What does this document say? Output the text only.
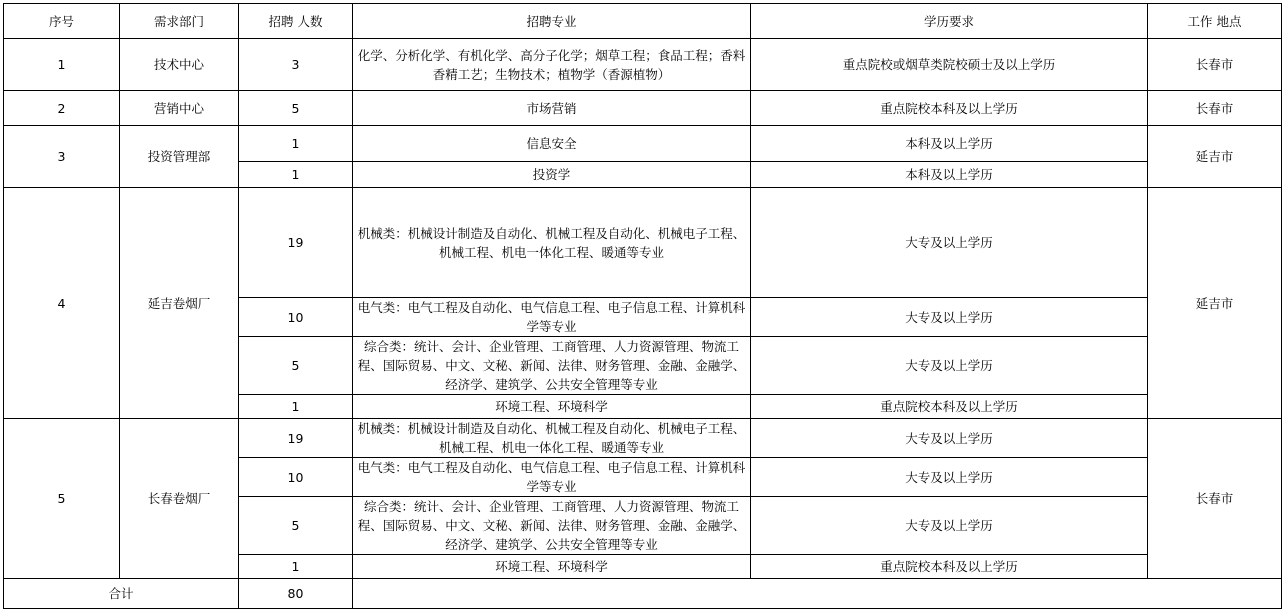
序号	需求部门	招聘 人数	招聘专业	学历要求	工作 地点
1	技术中心	3	化学、分析化学、有机化学、高分子化学；烟草工程；食品工程；香料香精工艺；生物技术；植物学（香源植物）	重点院校或烟草类院校硕士及以上学历	长春市
2	营销中心	5	市场营销	重点院校本科及以上学历	长春市
3	投资管理部	1	信息安全	本科及以上学历	延吉市
		1	投资学	本科及以上学历	
4	延吉卷烟厂	19	机械类：机械设计制造及自动化、机械工程及自动化、机械电子工程、机械工程、机电一体化工程、暖通等专业	大专及以上学历	延吉市
		10	电气类：电气工程及自动化、电气信息工程、电子信息工程、计算机科学等专业	大专及以上学历	
		5	综合类：统计、会计、企业管理、工商管理、人力资源管理、物流工程、国际贸易、中文、文秘、新闻、法律、财务管理、金融、金融学、经济学、建筑学、公共安全管理等专业	大专及以上学历	
		1	环境工程、环境科学	重点院校本科及以上学历	
5	长春卷烟厂	19	机械类：机械设计制造及自动化、机械工程及自动化、机械电子工程、机械工程、机电一体化工程、暖通等专业	大专及以上学历	长春市
		10	电气类：电气工程及自动化、电气信息工程、电子信息工程、计算机科学等专业	大专及以上学历	
		5	综合类：统计、会计、企业管理、工商管理、人力资源管理、物流工程、国际贸易、中文、文秘、新闻、法律、财务管理、金融、金融学、经济学、建筑学、公共安全管理等专业	大专及以上学历	
		1	环境工程、环境科学	重点院校本科及以上学历	
合计		80			
